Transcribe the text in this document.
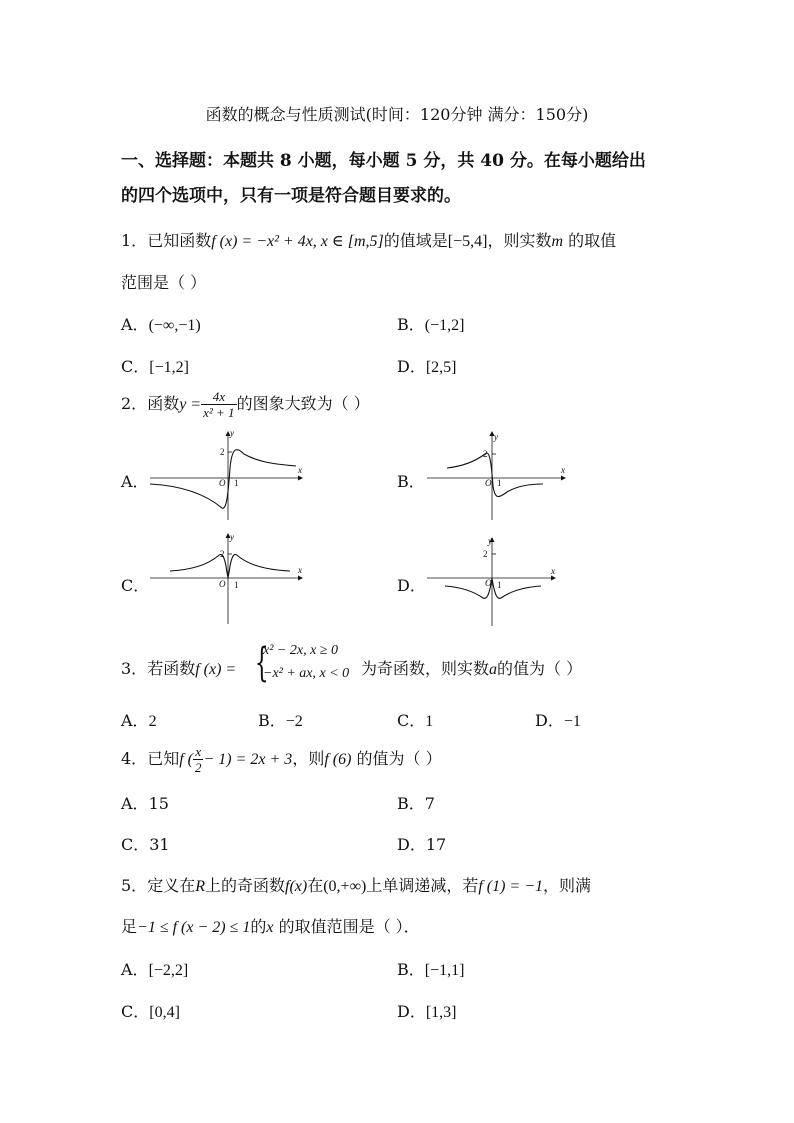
函数的概念与性质测试(时间：120分钟 满分：150分)
一、选择题：本题共 8 小题，每小题 5 分，共 40 分。在每小题给出
的四个选项中，只有一项是符合题目要求的。
1．已知函数f (x) = −x² + 4x, x ∈ [m,5]的值域是[−5,4]，则实数m 的取值
范围是（ ）
A．(−∞,−1)	B．(−1,2]
C．[−1,2]	D．[2,5]
2．函数$y = \frac{4x}{\text{x² + 1}}$ 的图象大致为（ ）
A．	B．
C．	D．
y
x
O 1
2
y
x
O 1
2
y
x
O 1
2
y
x
O 1
2
3．若函数f (x) = {
x² − 2x, x ≥ 0
−x² + ax, x < 0 为奇函数，则实数a的值为（ ）
A．2	B．−2	C．1	D．−1
4．已知f ( $\frac{x}{2} - 1) = 2x + 3$，则f (6) 的值为（ ）
A．15	B．7
C．31	D．17
5．定义在R上的奇函数f(x)在(0,+∞)上单调递减，若f (1) = −1，则满
足−1 ≤ f (x − 2) ≤ 1的x 的取值范围是（ ）．
A．[−2,2]	B．[−1,1]
C．[0,4]	D．[1,3]
